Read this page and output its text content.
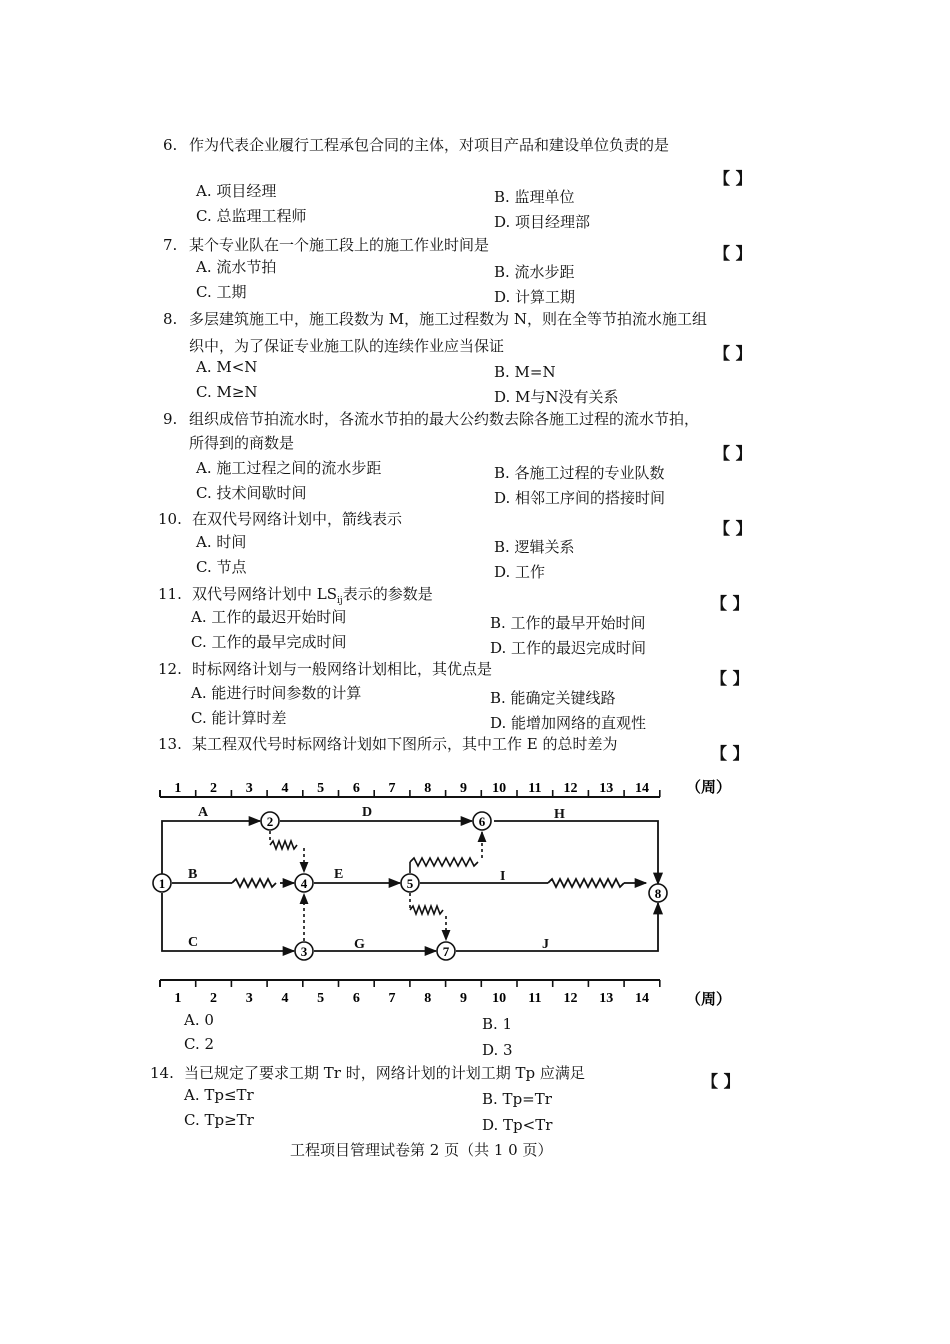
6. 作为代表企业履行工程承包合同的主体，对项目产品和建设单位负责的是
【 】
A. 项目经理	B. 监理单位
C. 总监理工程师	D. 项目经理部
7. 某个专业队在一个施工段上的施工作业时间是	【 】
A. 流水节拍	B. 流水步距
C. 工期	D. 计算工期
8. 多层建筑施工中，施工段数为 M，施工过程数为 N，则在全等节拍流水施工组
织中，为了保证专业施工队的连续作业应当保证	【 】
A. M<N	B. M=N
C. M≥N	D. M与N没有关系
9. 组织成倍节拍流水时，各流水节拍的最大公约数去除各施工过程的流水节拍，
所得到的商数是
【 】
A. 施工过程之间的流水步距	B. 各施工过程的专业队数
C. 技术间歇时间	D. 相邻工序间的搭接时间
10. 在双代号网络计划中，箭线表示	【 】
A. 时间	B. 逻辑关系
C. 节点	D. 工作
11. 双代号网络计划中 $LS_{ij}$表示的参数是	【 】
A. 工作的最迟开始时间	B. 工作的最早开始时间
C. 工作的最早完成时间	D. 工作的最迟完成时间
12. 时标网络计划与一般网络计划相比，其优点是	【 】
A. 能进行时间参数的计算	B. 能确定关键线路
C. 能计算时差	D. 能增加网络的直观性
13. 某工程双代号时标网络计划如下图所示，其中工作 E 的总时差为	【 】
1 2 3 4 5 6 7 8 9 10 11 12 13 14 （周）
1 2 3 4 5 6 7 8 9 10 11 12 13 14 （周）
A
B
C
D
E
G
H
I
J
1
2
3
4	5
6
7
8
A. 0	B. 1
C. 2	D. 3
14. 当已规定了要求工期 Tr 时，网络计划的计划工期 Tp 应满足	【 】
A. Tp≤Tr	B. Tp=Tr
C. Tp≥Tr	D. Tp<Tr
工程项目管理试卷第 2 页（共 1 0 页）
